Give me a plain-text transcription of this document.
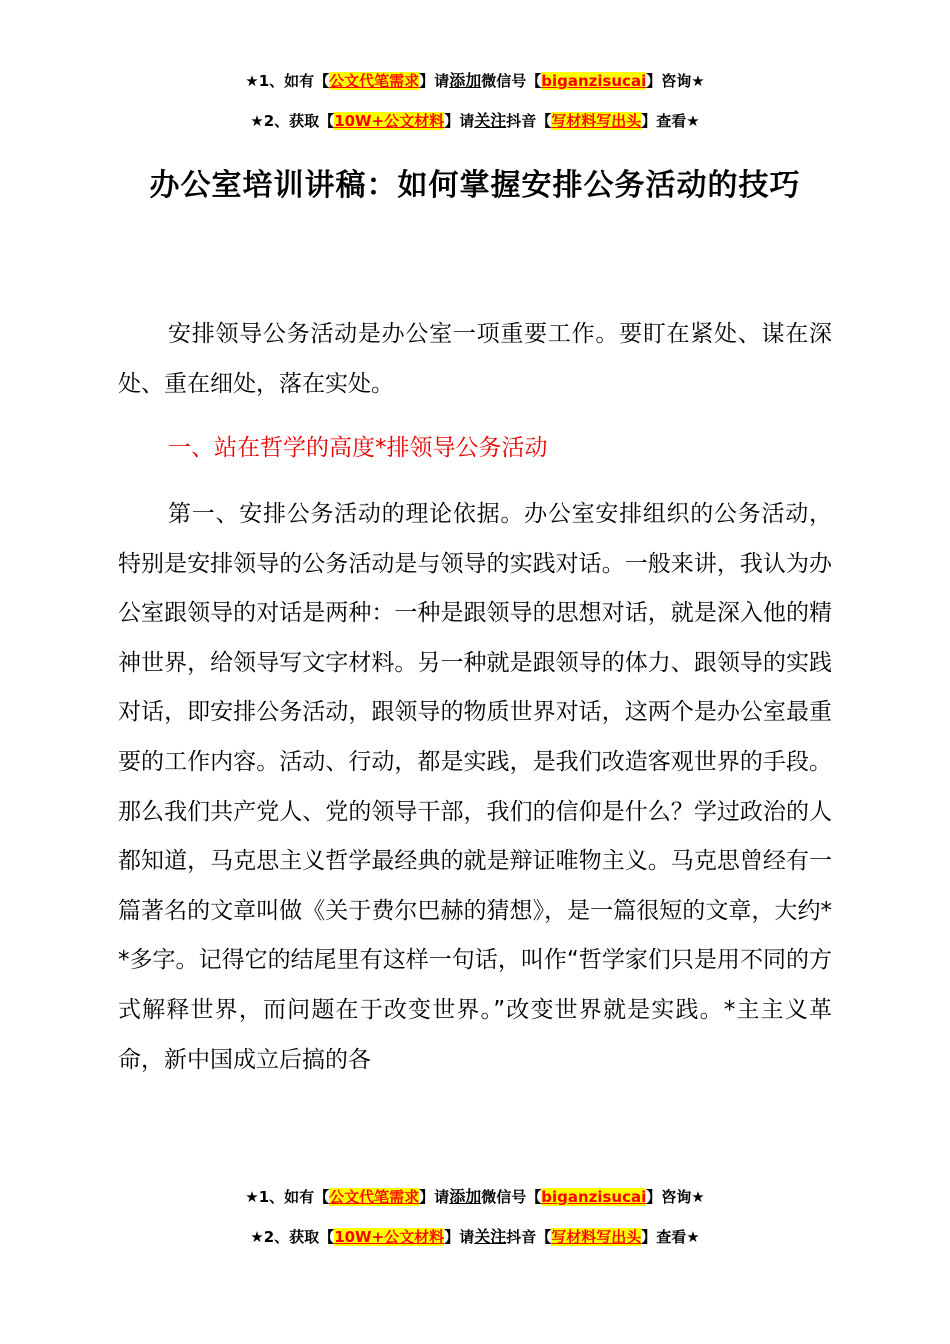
★1、如有【公文代笔需求】请添加微信号【biganzisucai】咨询★
★2、获取【10W+公文材料】请关注抖音【写材料写出头】查看★
办公室培训讲稿：如何掌握安排公务活动的技巧
安排领导公务活动是办公室一项重要工作。要盯在紧处、谋在深处、重在细处，落在实处。
一、站在哲学的高度*排领导公务活动
第一、安排公务活动的理论依据。办公室安排组织的公务活动，特别是安排领导的公务活动是与领导的实践对话。一般来讲，我认为办公室跟领导的对话是两种：一种是跟领导的思想对话，就是深入他的精神世界，给领导写文字材料。另一种就是跟领导的体力、跟领导的实践对话，即安排公务活动，跟领导的物质世界对话，这两个是办公室最重要的工作内容。活动、行动，都是实践，是我们改造客观世界的手段。那么我们共产党人、党的领导干部，我们的信仰是什么？学过政治的人都知道，马克思主义哲学最经典的就是辩证唯物主义。马克思曾经有一篇著名的文章叫做《关于费尔巴赫的猜想》，是一篇很短的文章，大约**多字。记得它的结尾里有这样一句话，叫作“哲学家们只是用不同的方式解释世界，而问题在于改变世界。”改变世界就是实践。*主主义革命，新中国成立后搞的各
★1、如有【公文代笔需求】请添加微信号【biganzisucai】咨询★
★2、获取【10W+公文材料】请关注抖音【写材料写出头】查看★
